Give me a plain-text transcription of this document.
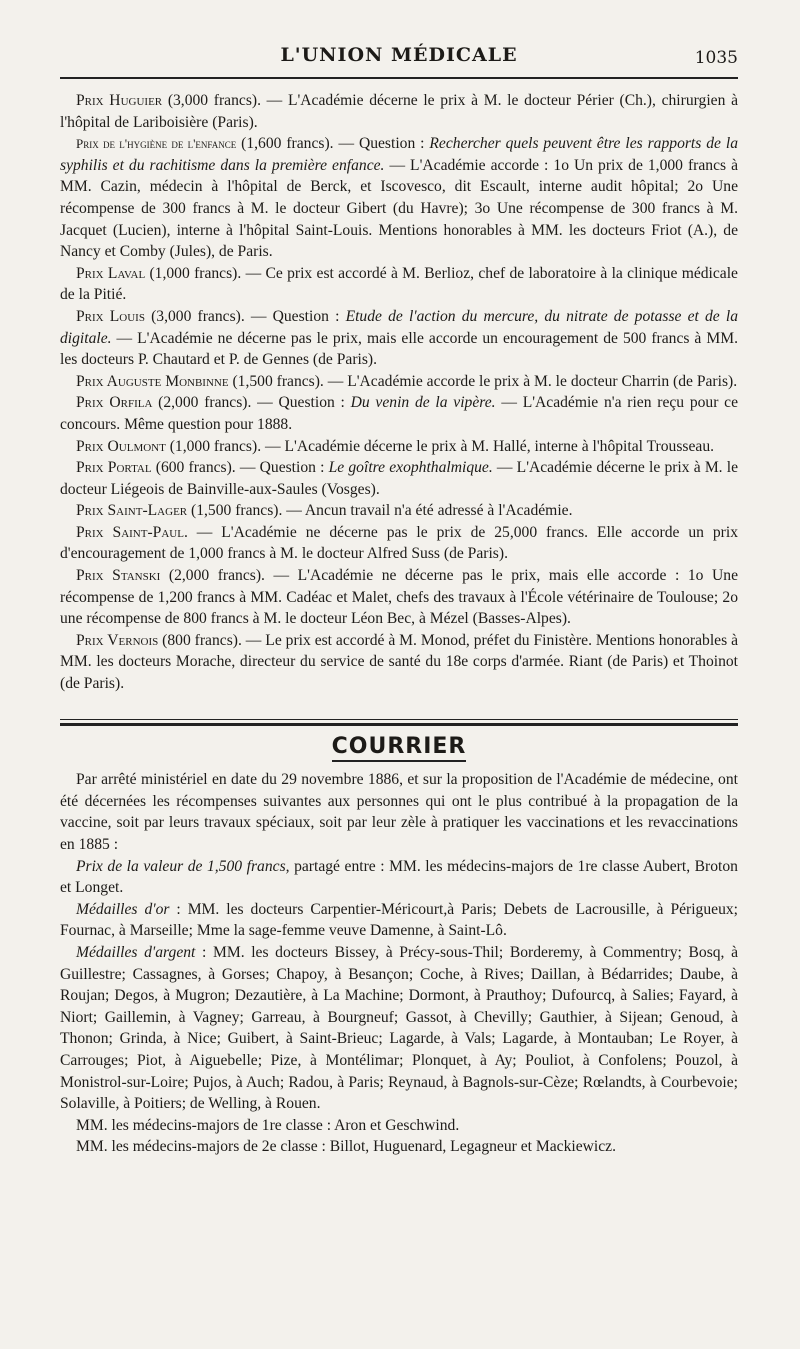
L'UNION MÉDICALE	1035

Prix Huguier (3,000 francs). — L'Académie décerne le prix à M. le docteur Périer (Ch.), chirurgien à l'hôpital de Lariboisière (Paris).

Prix de l'hygiène de l'enfance (1,600 francs). — Question : Rechercher quels peuvent être les rapports de la syphilis et du rachitisme dans la première enfance. — L'Académie accorde : 1o Un prix de 1,000 francs à MM. Cazin, médecin à l'hôpital de Berck, et Iscovesco, dit Escault, interne audit hôpital; 2o Une récompense de 300 francs à M. le docteur Gibert (du Havre); 3o Une récompense de 300 francs à M. Jacquet (Lucien), interne à l'hôpital Saint-Louis. Mentions honorables à MM. les docteurs Friot (A.), de Nancy et Comby (Jules), de Paris.

Prix Laval (1,000 francs). — Ce prix est accordé à M. Berlioz, chef de laboratoire à la clinique médicale de la Pitié.

Prix Louis (3,000 francs). — Question : Etude de l'action du mercure, du nitrate de potasse et de la digitale. — L'Académie ne décerne pas le prix, mais elle accorde un encouragement de 500 francs à MM. les docteurs P. Chautard et P. de Gennes (de Paris).

Prix Auguste Monbinne (1,500 francs). — L'Académie accorde le prix à M. le docteur Charrin (de Paris).

Prix Orfila (2,000 francs). — Question : Du venin de la vipère. — L'Académie n'a rien reçu pour ce concours. Même question pour 1888.

Prix Oulmont (1,000 francs). — L'Académie décerne le prix à M. Hallé, interne à l'hôpital Trousseau.

Prix Portal (600 francs). — Question : Le goître exophthalmique. — L'Académie décerne le prix à M. le docteur Liégeois de Bainville-aux-Saules (Vosges).

Prix Saint-Lager (1,500 francs). — Ancun travail n'a été adressé à l'Académie.

Prix Saint-Paul. — L'Académie ne décerne pas le prix de 25,000 francs. Elle accorde un prix d'encouragement de 1,000 francs à M. le docteur Alfred Suss (de Paris).

Prix Stanski (2,000 francs). — L'Académie ne décerne pas le prix, mais elle accorde : 1o Une récompense de 1,200 francs à MM. Cadéac et Malet, chefs des travaux à l'École vétérinaire de Toulouse; 2o une récompense de 800 francs à M. le docteur Léon Bec, à Mézel (Basses-Alpes).

Prix Vernois (800 francs). — Le prix est accordé à M. Monod, préfet du Finistère. Mentions honorables à MM. les docteurs Morache, directeur du service de santé du 18e corps d'armée. Riant (de Paris) et Thoinot (de Paris).

COURRIER

Par arrêté ministériel en date du 29 novembre 1886, et sur la proposition de l'Académie de médecine, ont été décernées les récompenses suivantes aux personnes qui ont le plus contribué à la propagation de la vaccine, soit par leurs travaux spéciaux, soit par leur zèle à pratiquer les vaccinations et les revaccinations en 1885 :

Prix de la valeur de 1,500 francs, partagé entre : MM. les médecins-majors de 1re classe Aubert, Broton et Longet.

Médailles d'or : MM. les docteurs Carpentier-Méricourt,à Paris; Debets de Lacrousille, à Périgueux; Fournac, à Marseille; Mme la sage-femme veuve Damenne, à Saint-Lô.

Médailles d'argent : MM. les docteurs Bissey, à Précy-sous-Thil; Borderemy, à Commentry; Bosq, à Guillestre; Cassagnes, à Gorses; Chapoy, à Besançon; Coche, à Rives; Daillan, à Bédarrides; Daube, à Roujan; Degos, à Mugron; Dezautière, à La Machine; Dormont, à Prauthoy; Dufourcq, à Salies; Fayard, à Niort; Gaillemin, à Vagney; Garreau, à Bourgneuf; Gassot, à Chevilly; Gauthier, à Sijean; Genoud, à Thonon; Grinda, à Nice; Guibert, à Saint-Brieuc; Lagarde, à Vals; Lagarde, à Montauban; Le Royer, à Carrouges; Piot, à Aiguebelle; Pize, à Montélimar; Plonquet, à Ay; Pouliot, à Confolens; Pouzol, à Monistrol-sur-Loire; Pujos, à Auch; Radou, à Paris; Reynaud, à Bagnols-sur-Cèze; Rœlandts, à Courbevoie; Solaville, à Poitiers; de Welling, à Rouen.

MM. les médecins-majors de 1re classe : Aron et Geschwind.

MM. les médecins-majors de 2e classe : Billot, Huguenard, Legagneur et Mackiewicz.
